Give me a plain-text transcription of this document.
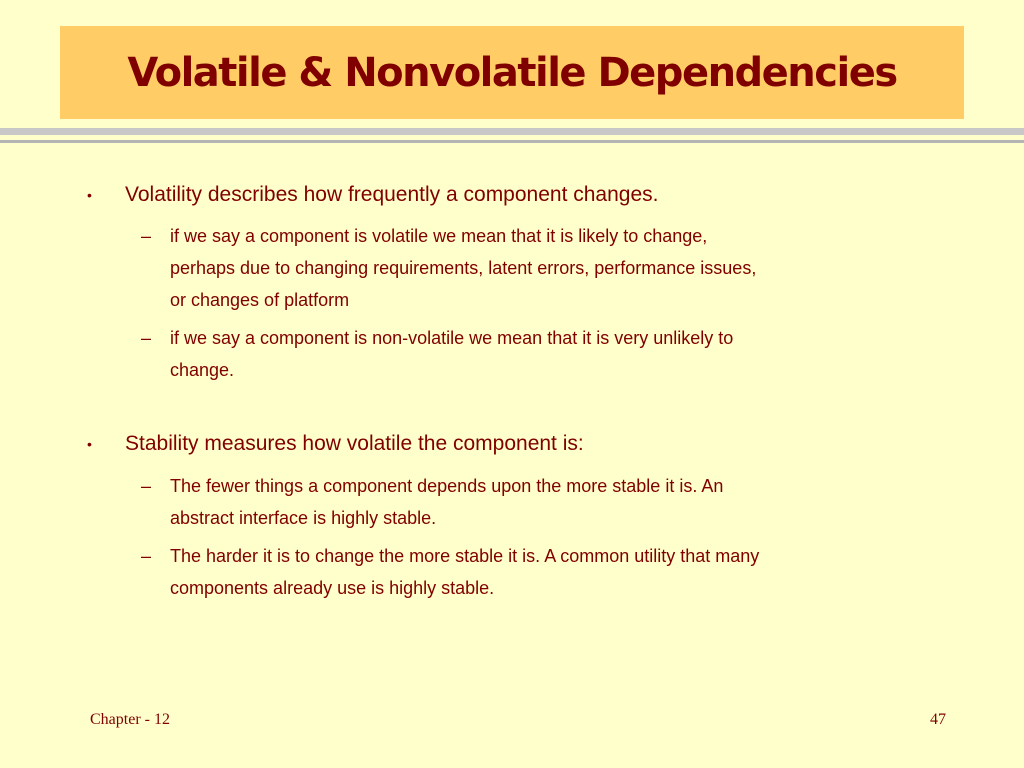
Volatile & Nonvolatile Dependencies
• Volatility describes how frequently a component changes.
– if we say a component is volatile we mean that it is likely to change,
perhaps due to changing requirements, latent errors, performance issues,
or changes of platform
– if we say a component is non-volatile we mean that it is very unlikely to
change.
• Stability measures how volatile the component is:
– The fewer things a component depends upon the more stable it is. An
abstract interface is highly stable.
– The harder it is to change the more stable it is. A common utility that many
components already use is highly stable.
Chapter - 12	47
